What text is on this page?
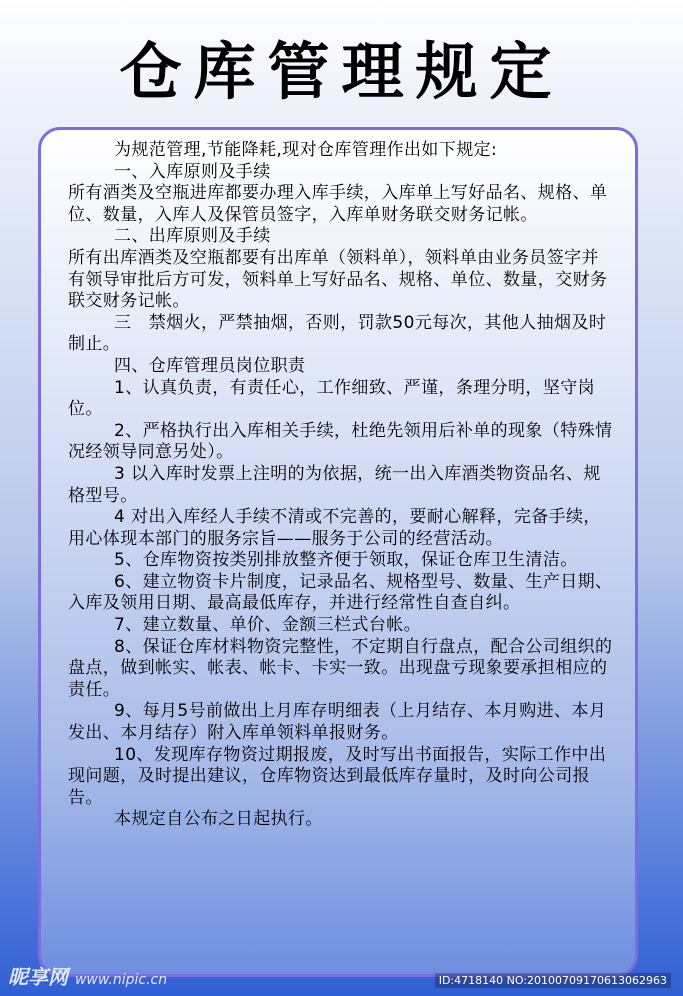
仓库管理规定

为规范管理,节能降耗,现对仓库管理作出如下规定:

一、入库原则及手续

所有酒类及空瓶进库都要办理入库手续，入库单上写好品名、规格、单位、数量，入库人及保管员签字，入库单财务联交财务记帐。

二、出库原则及手续

所有出库酒类及空瓶都要有出库单（领料单），领料单由业务员签字并有领导审批后方可发，领料单上写好品名、规格、单位、数量，交财务联交财务记帐。

三　禁烟火，严禁抽烟，否则，罚款50元每次，其他人抽烟及时制止。

四、仓库管理员岗位职责

1、认真负责，有责任心，工作细致、严谨，条理分明，坚守岗位。

2、严格执行出入库相关手续，杜绝先领用后补单的现象（特殊情况经领导同意另处）。

3 以入库时发票上注明的为依据，统一出入库酒类物资品名、规格型号。

4 对出入库经人手续不清或不完善的，要耐心解释，完备手续，用心体现本部门的服务宗旨——服务于公司的经营活动。

5、仓库物资按类别排放整齐便于领取，保证仓库卫生清洁。

6、建立物资卡片制度，记录品名、规格型号、数量、生产日期、入库及领用日期、最高最低库存，并进行经常性自查自纠。

7、建立数量、单价、金额三栏式台帐。

8、保证仓库材料物资完整性，不定期自行盘点，配合公司组织的盘点，做到帐实、帐表、帐卡、卡实一致。出现盘亏现象要承担相应的责任。

9、每月5号前做出上月库存明细表（上月结存、本月购进、本月发出、本月结存）附入库单领料单报财务。

10、发现库存物资过期报废，及时写出书面报告，实际工作中出现问题，及时提出建议，仓库物资达到最低库存量时，及时向公司报告。

本规定自公布之日起执行。

昵享网 www.nipic.cn	ID:4718140 NO:20100709170613062963
